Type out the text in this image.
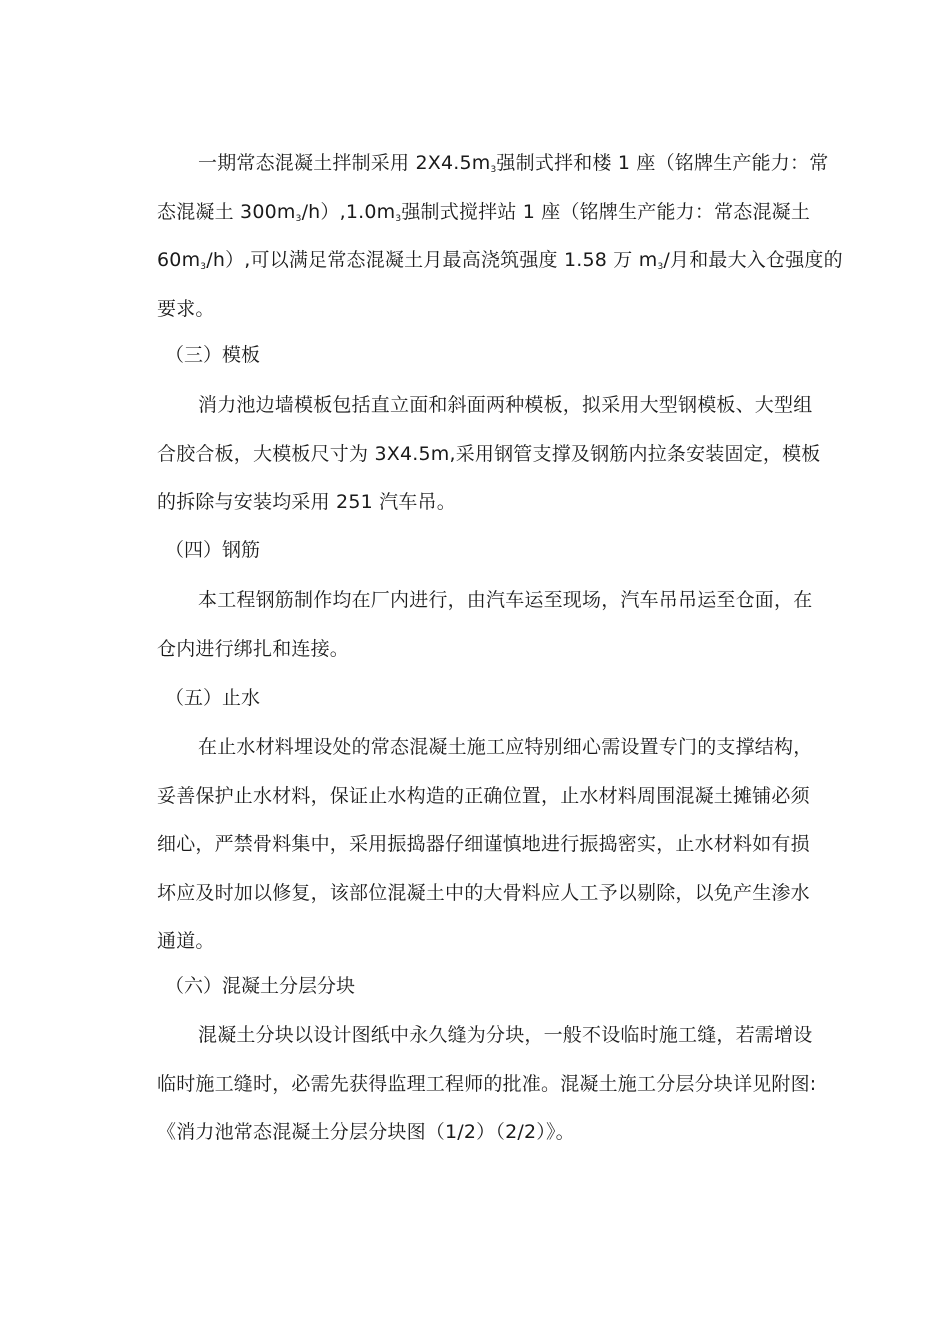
一期常态混凝土拌制采用 $2X4.5m_3$强制式拌和楼 1 座（铭牌生产能力：常
态混凝土 $300m_3/h),1.0m_3$强制式搅拌站 1 座（铭牌生产能力：常态混凝土
$60m_3/h$）,可以满足常态混凝土月最高浇筑强度 1.58 万 $m_3/$月和最大入仓强度的
要求。
（三）模板
消力池边墙模板包括直立面和斜面两种模板，拟采用大型钢模板、大型组
合胶合板，大模板尺寸为 3X4.5m,采用钢管支撑及钢筋内拉条安装固定，模板
的拆除与安装均采用 251 汽车吊。
（四）钢筋
本工程钢筋制作均在厂内进行，由汽车运至现场，汽车吊吊运至仓面，在
仓内进行绑扎和连接。
（五）止水
在止水材料埋设处的常态混凝土施工应特别细心需设置专门的支撑结构，
妥善保护止水材料，保证止水构造的正确位置，止水材料周围混凝土摊铺必须
细心，严禁骨料集中，采用振捣器仔细谨慎地进行振捣密实，止水材料如有损
坏应及时加以修复，该部位混凝土中的大骨料应人工予以剔除，以免产生渗水
通道。
（六）混凝土分层分块
混凝土分块以设计图纸中永久缝为分块，一般不设临时施工缝，若需增设
临时施工缝时，必需先获得监理工程师的批准。混凝土施工分层分块详见附图:
《消力池常态混凝土分层分块图（1/2）（2/2）》。
